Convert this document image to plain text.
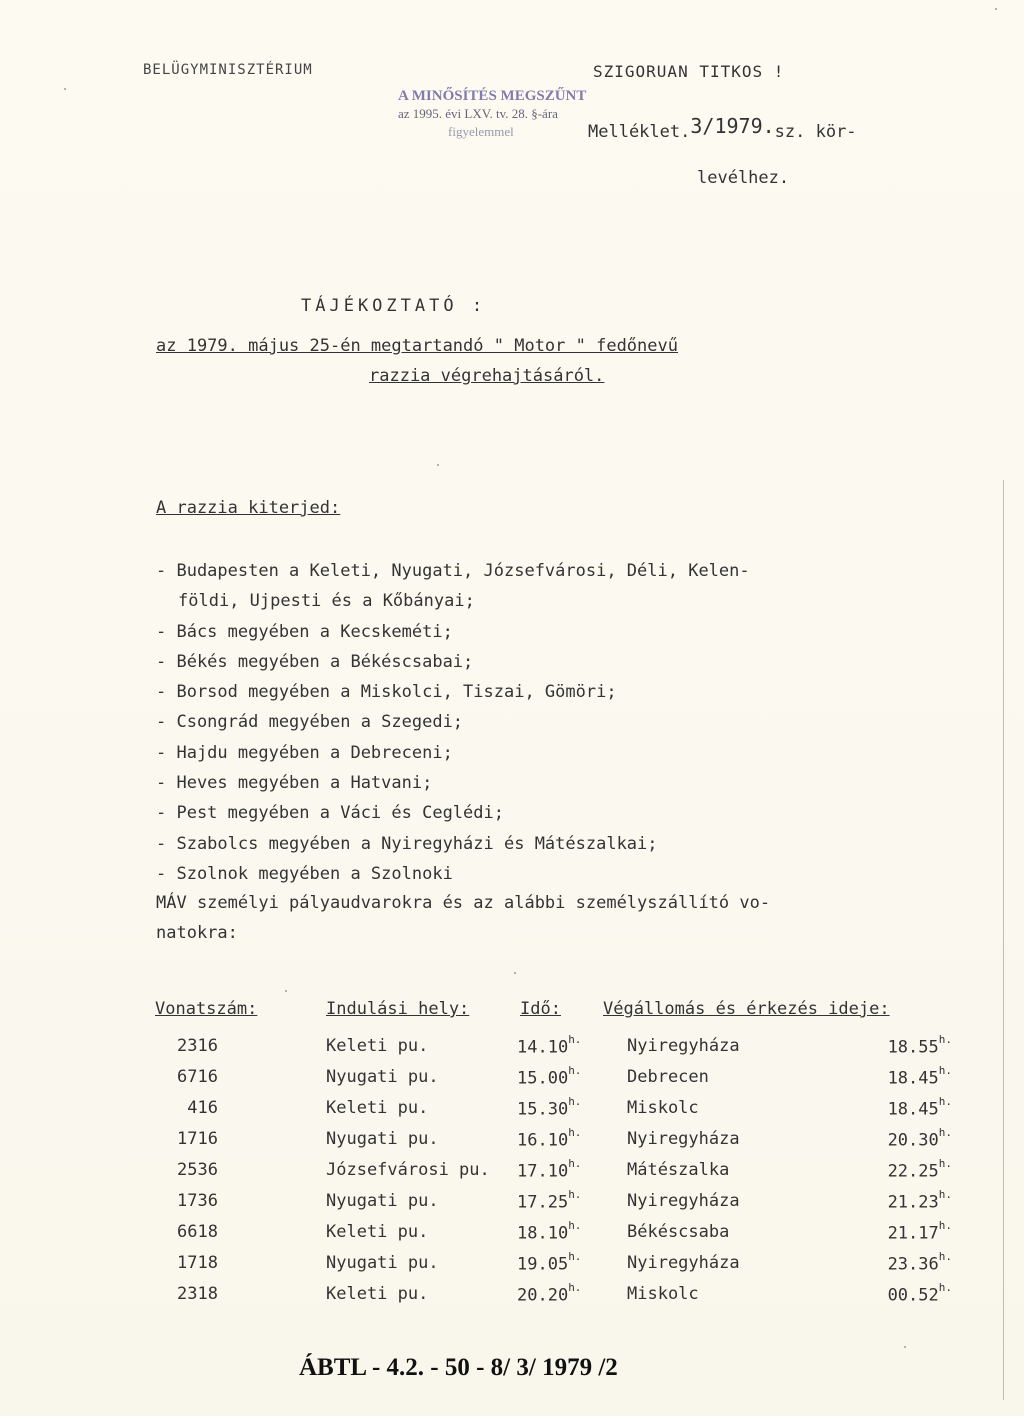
BELÜGYMINISZTÉRIUM	SZIGORUAN TITKOS !
A MINŐSÍTÉS MEGSZŰNT
az 1995. évi LXV. tv. 28. §-ára
figyelemmel	Melléklet.3/1979.sz. kör-
levélhez.
TÁJÉKOZTATÓ :
az 1979. május 25-én megtartandó " Motor " fedőnevű
razzia végrehajtásáról.
A razzia kiterjed:
- Budapesten a Keleti, Nyugati, Józsefvárosi, Déli, Kelen-
földi, Ujpesti és a Kőbányai;
- Bács megyében a Kecskeméti;
- Békés megyében a Békéscsabai;
- Borsod megyében a Miskolci, Tiszai, Gömöri;
- Csongrád megyében a Szegedi;
- Hajdu megyében a Debreceni;
- Heves megyében a Hatvani;
- Pest megyében a Váci és Ceglédi;
- Szabolcs megyében a Nyiregyházi és Mátészalkai;
- Szolnok megyében a Szolnoki
MÁV személyi pályaudvarokra és az alábbi személyszállító vo-
natokra:
Vonatszám:	Indulási hely:	Idő: Végállomás és érkezés ideje:
2316	Keleti pu.	$14.10^{h.}$	Nyiregyháza	$18.55^{h.}$
6716	Nyugati pu.	$15.00^{h.}$	Debrecen	$18.45^{h.}$
416	Keleti pu.	$15.30^{h.}$	Miskolc	$18.45^{h.}$
1716	Nyugati pu.	$16.10^{h.}$	Nyiregyháza	$20.30^{h.}$
2536	Józsefvárosi pu. $17.10^{h.}$	Mátészalka	$22.25^{h.}$
1736	Nyugati pu.	$17.25^{h.}$	Nyiregyháza	$21.23^{h.}$
6618	Keleti pu.	$18.10^{h.}$	Békéscsaba	$21.17^{h.}$
1718	Nyugati pu.	$19.05^{h.}$	Nyiregyháza	$23.36^{h.}$
2318	Keleti pu.	$20.20^{h.}$	Miskolc	$00.52^{h.}$
ÁBTL - 4.2. - 50 - 8/ 3/ 1979 /2
